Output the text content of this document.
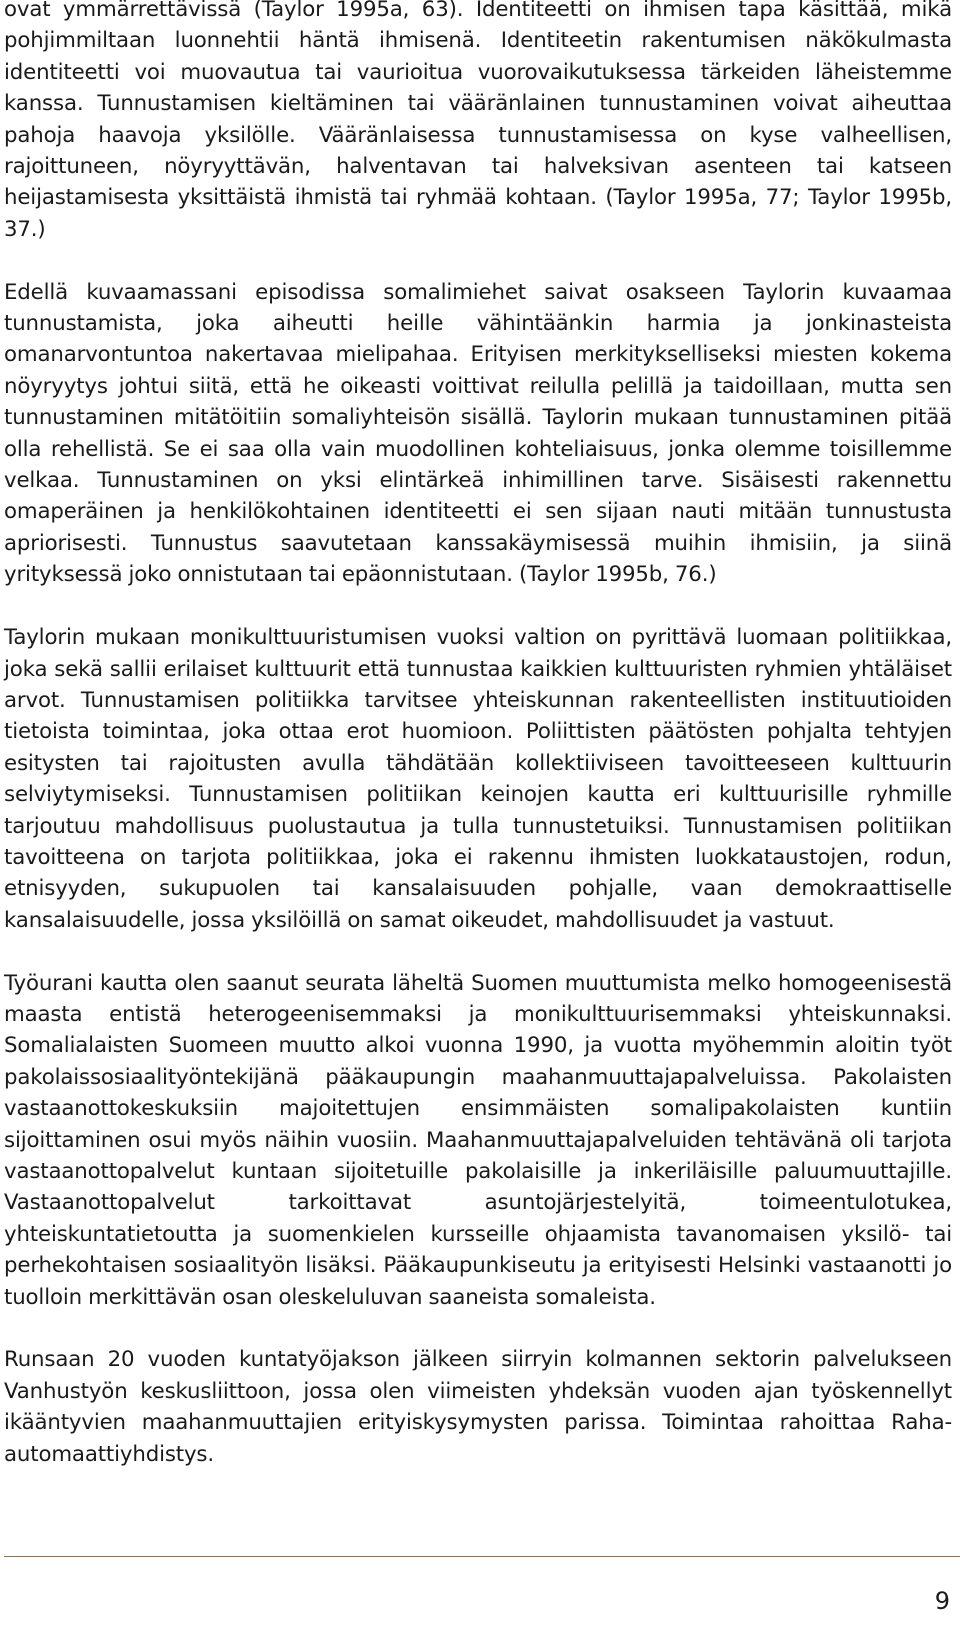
ovat ymmärrettävissä (Taylor 1995a, 63). Identiteetti on ihmisen tapa käsittää, mikä pohjimmiltaan luonnehtii häntä ihmisenä. Identiteetin rakentumisen näkökulmasta identiteetti voi muovautua tai vaurioitua vuorovaikutuksessa tärkeiden läheistemme kanssa. Tunnustamisen kieltäminen tai vääränlainen tunnustaminen voivat aiheuttaa pahoja haavoja yksilölle. Vääränlaisessa tunnustamisessa on kyse valheellisen, rajoittuneen, nöyryyttävän, halventavan tai halveksivan asenteen tai katseen heijastamisesta yksittäistä ihmistä tai ryhmää kohtaan. (Taylor 1995a, 77; Taylor 1995b, 37.)

Edellä kuvaamassani episodissa somalimiehet saivat osakseen Taylorin kuvaamaa tunnustamista, joka aiheutti heille vähintäänkin harmia ja jonkinasteista omanarvontuntoa nakertavaa mielipahaa. Erityisen merkitykselliseksi miesten kokema nöyryytys johtui siitä, että he oikeasti voittivat reilulla pelillä ja taidoillaan, mutta sen tunnustaminen mitätöitiin somaliyhteisön sisällä. Taylorin mukaan tunnustaminen pitää olla rehellistä. Se ei saa olla vain muodollinen kohteliaisuus, jonka olemme toisillemme velkaa. Tunnustaminen on yksi elintärkeä inhimillinen tarve. Sisäisesti rakennettu omaperäinen ja henkilökohtainen identiteetti ei sen sijaan nauti mitään tunnustusta apriorisesti. Tunnustus saavutetaan kanssakäymisessä muihin ihmisiin, ja siinä yrityksessä joko onnistutaan tai epäonnistutaan. (Taylor 1995b, 76.)

Taylorin mukaan monikulttuuristumisen vuoksi valtion on pyrittävä luomaan politiikkaa, joka sekä sallii erilaiset kulttuurit että tunnustaa kaikkien kulttuuristen ryhmien yhtäläiset arvot. Tunnustamisen politiikka tarvitsee yhteiskunnan rakenteellisten instituutioiden tietoista toimintaa, joka ottaa erot huomioon. Poliittisten päätösten pohjalta tehtyjen esitysten tai rajoitusten avulla tähdätään kollektiiviseen tavoitteeseen kulttuurin selviytymiseksi. Tunnustamisen politiikan keinojen kautta eri kulttuurisille ryhmille tarjoutuu mahdollisuus puolustautua ja tulla tunnustetuiksi. Tunnustamisen politiikan tavoitteena on tarjota politiikkaa, joka ei rakennu ihmisten luokkataustojen, rodun, etnisyyden, sukupuolen tai kansalaisuuden pohjalle, vaan demokraattiselle kansalaisuudelle, jossa yksilöillä on samat oikeudet, mahdollisuudet ja vastuut.

Työurani kautta olen saanut seurata läheltä Suomen muuttumista melko homogeenisestä maasta entistä heterogeenisemmaksi ja monikulttuurisemmaksi yhteiskunnaksi. Somalialaisten Suomeen muutto alkoi vuonna 1990, ja vuotta myöhemmin aloitin työt pakolaissosiaalityöntekijänä pääkaupungin maahanmuuttajapalveluissa. Pakolaisten vastaanottokeskuksiin majoitettujen ensimmäisten somalipakolaisten kuntiin sijoittaminen osui myös näihin vuosiin. Maahanmuuttajapalveluiden tehtävänä oli tarjota vastaanottopalvelut kuntaan sijoitetuille pakolaisille ja inkeriläisille paluumuuttajille. Vastaanottopalvelut tarkoittavat asuntojärjestelyitä, toimeentulotukea, yhteiskuntatietoutta ja suomenkielen kursseille ohjaamista tavanomaisen yksilö- tai perhekohtaisen sosiaalityön lisäksi. Pääkaupunkiseutu ja erityisesti Helsinki vastaanotti jo tuolloin merkittävän osan oleskeluluvan saaneista somaleista.

Runsaan 20 vuoden kuntatyöjakson jälkeen siirryin kolmannen sektorin palvelukseen Vanhustyön keskusliittoon, jossa olen viimeisten yhdeksän vuoden ajan työskennellyt ikääntyvien maahanmuuttajien erityiskysymysten parissa. Toimintaa rahoittaa Raha-automaattiyhdistys.

9
